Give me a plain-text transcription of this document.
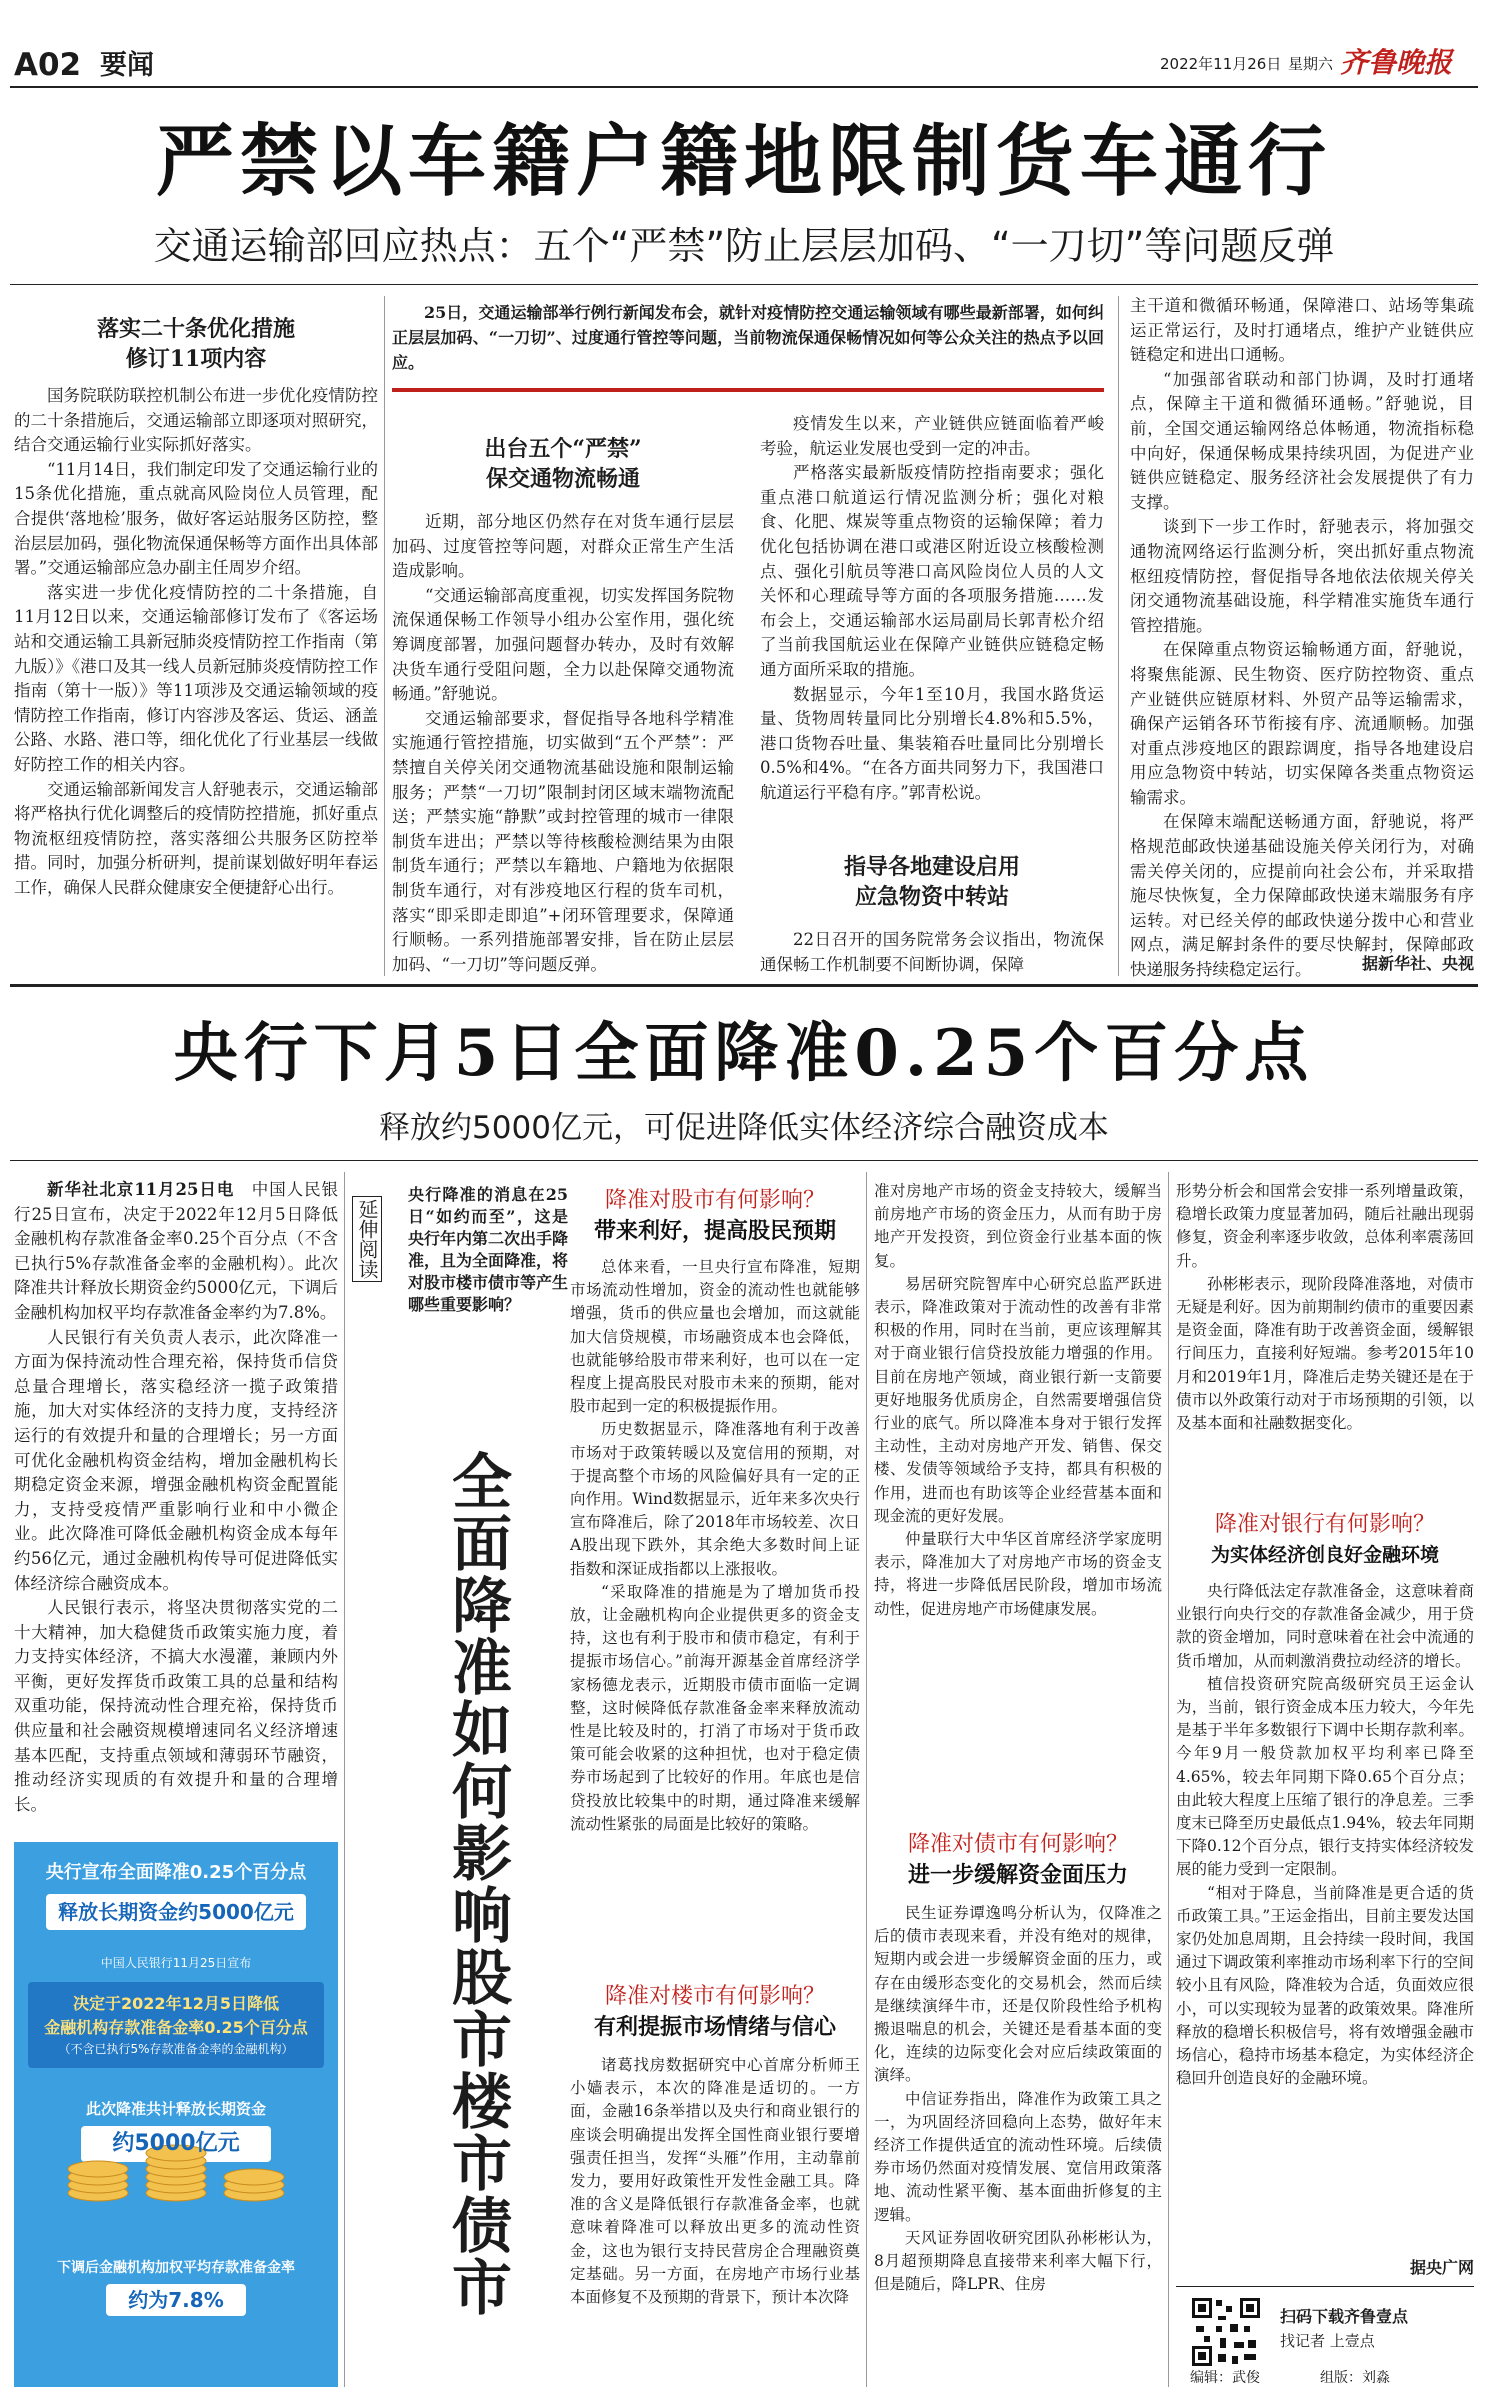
A02 要闻	2022年11月26日 星期六 齐鲁晚报
严禁以车籍户籍地限制货车通行
交通运输部回应热点：五个“严禁”防止层层加码、“一刀切”等问题反弹
落实二十条优化措施
修订11项内容

国务院联防联控机制公布进一步优化疫情防控的二十条措施后，交通运输部立即逐项对照研究，结合交通运输行业实际抓好落实。

“11月14日，我们制定印发了交通运输行业的15条优化措施，重点就高风险岗位人员管理，配合提供‘落地检’服务，做好客运站服务区防控，整治层层加码，强化物流保通保畅等方面作出具体部署。”交通运输部应急办副主任周岁介绍。

落实进一步优化疫情防控的二十条措施，自11月12日以来，交通运输部修订发布了《客运场站和交通运输工具新冠肺炎疫情防控工作指南（第九版）》《港口及其一线人员新冠肺炎疫情防控工作指南（第十一版）》等11项涉及交通运输领域的疫情防控工作指南，修订内容涉及客运、货运、涵盖公路、水路、港口等，细化优化了行业基层一线做好防控工作的相关内容。

交通运输部新闻发言人舒驰表示，交通运输部将严格执行优化调整后的疫情防控措施，抓好重点物流枢纽疫情防控，落实落细公共服务区防控举措。同时，加强分析研判，提前谋划做好明年春运工作，确保人民群众健康安全便捷舒心出行。

25日，交通运输部举行例行新闻发布会，就针对疫情防控交通运输领域有哪些最新部署，如何纠正层层加码、“一刀切”、过度通行管控等问题，当前物流保通保畅情况如何等公众关注的热点予以回应。
出台五个“严禁”
保交通物流畅通

近期，部分地区仍然存在对货车通行层层加码、过度管控等问题，对群众正常生产生活造成影响。

“交通运输部高度重视，切实发挥国务院物流保通保畅工作领导小组办公室作用，强化统筹调度部署，加强问题督办转办，及时有效解决货车通行受阻问题，全力以赴保障交通物流畅通。”舒驰说。

交通运输部要求，督促指导各地科学精准实施通行管控措施，切实做到“五个严禁”：严禁擅自关停关闭交通物流基础设施和限制运输服务；严禁“一刀切”限制封闭区域末端物流配送；严禁实施“静默”或封控管理的城市一律限制货车进出；严禁以等待核酸检测结果为由限制货车通行；严禁以车籍地、户籍地为依据限制货车通行，对有涉疫地区行程的货车司机，落实“即采即走即追”+闭环管理要求，保障通行顺畅。一系列措施部署安排，旨在防止层层加码、“一刀切”等问题反弹。

疫情发生以来，产业链供应链面临着严峻考验，航运业发展也受到一定的冲击。

严格落实最新版疫情防控指南要求；强化重点港口航道运行情况监测分析；强化对粮食、化肥、煤炭等重点物资的运输保障；着力优化包括协调在港口或港区附近设立核酸检测点、强化引航员等港口高风险岗位人员的人文关怀和心理疏导等方面的各项服务措施……发布会上，交通运输部水运局副局长郭青松介绍了当前我国航运业在保障产业链供应链稳定畅通方面所采取的措施。

数据显示，今年1至10月，我国水路货运量、货物周转量同比分别增长4.8%和5.5%，港口货物吞吐量、集装箱吞吐量同比分别增长0.5%和4%。“在各方面共同努力下，我国港口航道运行平稳有序。”郭青松说。

指导各地建设启用
应急物资中转站

22日召开的国务院常务会议指出，物流保通保畅工作机制要不间断协调，保障

主干道和微循环畅通，保障港口、站场等集疏运正常运行，及时打通堵点，维护产业链供应链稳定和进出口通畅。

“加强部省联动和部门协调，及时打通堵点，保障主干道和微循环通畅。”舒驰说，目前，全国交通运输网络总体畅通，物流指标稳中向好，保通保畅成果持续巩固，为促进产业链供应链稳定、服务经济社会发展提供了有力支撑。

谈到下一步工作时，舒驰表示，将加强交通物流网络运行监测分析，突出抓好重点物流枢纽疫情防控，督促指导各地依法依规关停关闭交通物流基础设施，科学精准实施货车通行管控措施。

在保障重点物资运输畅通方面，舒驰说，将聚焦能源、民生物资、医疗防控物资、重点产业链供应链原材料、外贸产品等运输需求，确保产运销各环节衔接有序、流通顺畅。加强对重点涉疫地区的跟踪调度，指导各地建设启用应急物资中转站，切实保障各类重点物资运输需求。

在保障末端配送畅通方面，舒驰说，将严格规范邮政快递基础设施关停关闭行为，对确需关停关闭的，应提前向社会公布，并采取措施尽快恢复，全力保障邮政快递末端服务有序运转。对已经关停的邮政快递分拨中心和营业网点，满足解封条件的要尽快解封，保障邮政快递服务持续稳定运行。	据新华社、央视
央行下月5日全面降准0.25个百分点
释放约5000亿元，可促进降低实体经济综合融资成本

新华社北京11月25日电　 中国人民银行25日宣布，决定于2022年12月5日降低金融机构存款准备金率0.25个百分点（不含已执行5%存款准备金率的金融机构）。此次降准共计释放长期资金约5000亿元，下调后金融机构加权平均存款准备金率约为7.8%。

人民银行有关负责人表示，此次降准一方面为保持流动性合理充裕，保持货币信贷总量合理增长，落实稳经济一揽子政策措施，加大对实体经济的支持力度，支持经济运行的有效提升和量的合理增长；另一方面可优化金融机构资金结构，增加金融机构长期稳定资金来源，增强金融机构资金配置能力，支持受疫情严重影响行业和中小微企业。此次降准可降低金融机构资金成本每年约56亿元，通过金融机构传导可促进降低实体经济综合融资成本。

人民银行表示，将坚决贯彻落实党的二十大精神，加大稳健货币政策实施力度，着力支持实体经济，不搞大水漫灌，兼顾内外平衡，更好发挥货币政策工具的总量和结构双重功能，保持流动性合理充裕，保持货币供应量和社会融资规模增速同名义经济增速基本匹配，支持重点领域和薄弱环节融资，推动经济实现质的有效提升和量的合理增长。

央行宣布全面降准0.25个百分点
释放长期资金约5000亿元
中国人民银行11月25日宣布
决定于2022年12月5日降低
金融机构存款准备金率0.25个百分点
（不含已执行5%存款准备金率的金融机构）
此次降准共计释放长期资金
约5000亿元
下调后金融机构加权平均存款准备金率
约为7.8%
延伸阅读
央行降准的消息在25日“如约而至”，这是央行年内第二次出手降准，且为全面降准，将对股市楼市债市等产生哪些重要影响？
全面降准如何影响股市楼市债市
降准对股市有何影响？
带来利好，提高股民预期

总体来看，一旦央行宣布降准，短期市场流动性增加，资金的流动性也就能够增强，货币的供应量也会增加，而这就能加大信贷规模，市场融资成本也会降低，也就能够给股市带来利好，也可以在一定程度上提高股民对股市未来的预期，能对股市起到一定的积极提振作用。

历史数据显示，降准落地有利于改善市场对于政策转暖以及宽信用的预期，对于提高整个市场的风险偏好具有一定的正向作用。Wind数据显示，近年来多次央行宣布降准后，除了2018年市场较差、次日A股出现下跌外，其余绝大多数时间上证指数和深证成指都以上涨报收。

“采取降准的措施是为了增加货币投放，让金融机构向企业提供更多的资金支持，这也有利于股市和债市稳定，有利于提振市场信心。”前海开源基金首席经济学家杨德龙表示，近期股市债市面临一定调整，这时候降低存款准备金率来释放流动性是比较及时的，打消了市场对于货币政策可能会收紧的这种担忧，也对于稳定债券市场起到了比较好的作用。年底也是信贷投放比较集中的时期，通过降准来缓解流动性紧张的局面是比较好的策略。

降准对楼市有何影响？
有利提振市场情绪与信心

诸葛找房数据研究中心首席分析师王小嫱表示，本次的降准是适切的。一方面，金融16条举措以及央行和商业银行的座谈会明确提出发挥全国性商业银行要增强责任担当，发挥“头雁”作用，主动靠前发力，要用好政策性开发性金融工具。降准的含义是降低银行存款准备金率，也就意味着降准可以释放出更多的流动性资金，这也为银行支持民营房企合理融资奠定基础。另一方面，在房地产市场行业基本面修复不及预期的背景下，预计本次降

准对房地产市场的资金支持较大，缓解当前房地产市场的资金压力，从而有助于房地产开发投资，到位资金行业基本面的恢复。

易居研究院智库中心研究总监严跃进表示，降准政策对于流动性的改善有非常积极的作用，同时在当前，更应该理解其对于商业银行信贷投放能力增强的作用。目前在房地产领域，商业银行新一支箭要更好地服务优质房企，自然需要增强信贷行业的底气。所以降准本身对于银行发挥主动性，主动对房地产开发、销售、保交楼、发债等领域给予支持，都具有积极的作用，进而也有助该等企业经营基本面和现金流的更好发展。

仲量联行大中华区首席经济学家庞明表示，降准加大了对房地产市场的资金支持，将进一步降低居民阶段，增加市场流动性，促进房地产市场健康发展。

降准对债市有何影响？
进一步缓解资金面压力

民生证券谭逸鸣分析认为，仅降准之后的债市表现来看，并没有绝对的规律，短期内或会进一步缓解资金面的压力，或存在由缓形态变化的交易机会，然而后续是继续演绎牛市，还是仅阶段性给予机构搬退喘息的机会，关键还是看基本面的变化，连续的边际变化会对应后续政策面的演绎。

中信证券指出，降准作为政策工具之一，为巩固经济回稳向上态势，做好年末经济工作提供适宜的流动性环境。后续债券市场仍然面对疫情发展、宽信用政策落地、流动性紧平衡、基本面曲折修复的主逻辑。

天风证券固收研究团队孙彬彬认为，8月超预期降息直接带来利率大幅下行，但是随后，降LPR、住房

形势分析会和国常会安排一系列增量政策，稳增长政策力度显著加码，随后社融出现弱修复，资金利率逐步收敛，总体利率震荡回升。

孙彬彬表示，现阶段降准落地，对债市无疑是利好。因为前期制约债市的重要因素是资金面，降准有助于改善资金面，缓解银行间压力，直接利好短端。参考2015年10月和2019年1月，降准后走势关键还是在于债市以外政策行动对于市场预期的引领，以及基本面和社融数据变化。

降准对银行有何影响？
为实体经济创良好金融环境

央行降低法定存款准备金，这意味着商业银行向央行交的存款准备金减少，用于贷款的资金增加，同时意味着在社会中流通的货币增加，从而刺激消费拉动经济的增长。

植信投资研究院高级研究员王运金认为，当前，银行资金成本压力较大，今年先是基于半年多数银行下调中长期存款利率。今年9月一般贷款加权平均利率已降至4.65%，较去年同期下降0.65个百分点；由此较大程度上压缩了银行的净息差。三季度末已降至历史最低点1.94%，较去年同期下降0.12个百分点，银行支持实体经济较发展的能力受到一定限制。

“相对于降息，当前降准是更合适的货币政策工具。”王运金指出，目前主要发达国家仍处加息周期，且会持续一段时间，我国通过下调政策利率推动市场利率下行的空间较小且有风险，降准较为合适，负面效应很小，可以实现较为显著的政策效果。降准所释放的稳增长积极信号，将有效增强金融市场信心，稳持市场基本稳定，为实体经济企稳回升创造良好的金融环境。

据央广网
扫码下载齐鲁壹点
找记者 上壹点
编辑：武俊	组版：刘淼
